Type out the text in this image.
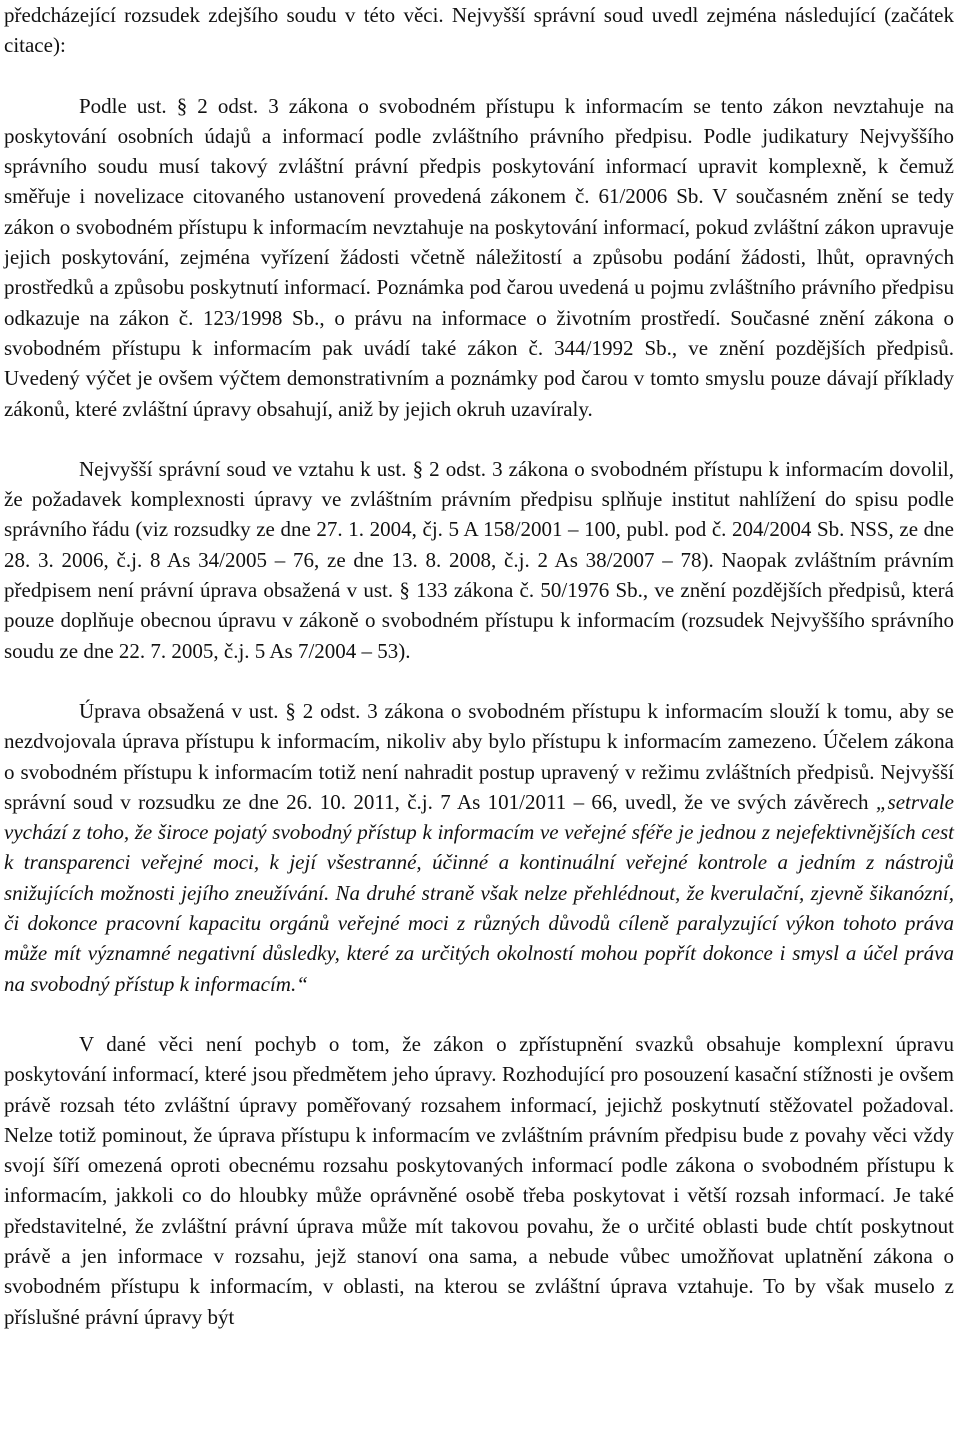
předcházející rozsudek zdejšího soudu v této věci. Nejvyšší správní soud uvedl zejména následující (začátek citace):

Podle ust. § 2 odst. 3 zákona o svobodném přístupu k informacím se tento zákon nevztahuje na poskytování osobních údajů a informací podle zvláštního právního předpisu. Podle judikatury Nejvyššího správního soudu musí takový zvláštní právní předpis poskytování informací upravit komplexně, k čemuž směřuje i novelizace citovaného ustanovení provedená zákonem č. 61/2006 Sb. V současném znění se tedy zákon o svobodném přístupu k informacím nevztahuje na poskytování informací, pokud zvláštní zákon upravuje jejich poskytování, zejména vyřízení žádosti včetně náležitostí a způsobu podání žádosti, lhůt, opravných prostředků a způsobu poskytnutí informací. Poznámka pod čarou uvedená u pojmu zvláštního právního předpisu odkazuje na zákon č. 123/1998 Sb., o právu na informace o životním prostředí. Současné znění zákona o svobodném přístupu k informacím pak uvádí také zákon č. 344/1992 Sb., ve znění pozdějších předpisů. Uvedený výčet je ovšem výčtem demonstrativním a poznámky pod čarou v tomto smyslu pouze dávají příklady zákonů, které zvláštní úpravy obsahují, aniž by jejich okruh uzavíraly.

Nejvyšší správní soud ve vztahu k ust. § 2 odst. 3 zákona o svobodném přístupu k informacím dovolil, že požadavek komplexnosti úpravy ve zvláštním právním předpisu splňuje institut nahlížení do spisu podle správního řádu (viz rozsudky ze dne 27. 1. 2004, čj. 5 A 158/2001 – 100, publ. pod č. 204/2004 Sb. NSS, ze dne 28. 3. 2006, č.j. 8 As 34/2005 – 76, ze dne 13. 8. 2008, č.j. 2 As 38/2007 – 78). Naopak zvláštním právním předpisem není právní úprava obsažená v ust. § 133 zákona č. 50/1976 Sb., ve znění pozdějších předpisů, která pouze doplňuje obecnou úpravu v zákoně o svobodném přístupu k informacím (rozsudek Nejvyššího správního soudu ze dne 22. 7. 2005, č.j. 5 As 7/2004 – 53).

Úprava obsažená v ust. § 2 odst. 3 zákona o svobodném přístupu k informacím slouží k tomu, aby se nezdvojovala úprava přístupu k informacím, nikoliv aby bylo přístupu k informacím zamezeno. Účelem zákona o svobodném přístupu k informacím totiž není nahradit postup upravený v režimu zvláštních předpisů. Nejvyšší správní soud v rozsudku ze dne 26. 10. 2011, č.j. 7 As 101/2011 – 66, uvedl, že ve svých závěrech „setrvale vychází z toho, že široce pojatý svobodný přístup k informacím ve veřejné sféře je jednou z nejefektivnějších cest k transparenci veřejné moci, k její všestranné, účinné a kontinuální veřejné kontrole a jedním z nástrojů snižujících možnosti jejího zneužívání. Na druhé straně však nelze přehlédnout, že kverulační, zjevně šikanózní, či dokonce pracovní kapacitu orgánů veřejné moci z různých důvodů cíleně paralyzující výkon tohoto práva může mít významné negativní důsledky, které za určitých okolností mohou popřít dokonce i smysl a účel práva na svobodný přístup k informacím.“

V dané věci není pochyb o tom, že zákon o zpřístupnění svazků obsahuje komplexní úpravu poskytování informací, které jsou předmětem jeho úpravy. Rozhodující pro posouzení kasační stížnosti je ovšem právě rozsah této zvláštní úpravy poměřovaný rozsahem informací, jejichž poskytnutí stěžovatel požadoval. Nelze totiž pominout, že úprava přístupu k informacím ve zvláštním právním předpisu bude z povahy věci vždy svojí šíří omezená oproti obecnému rozsahu poskytovaných informací podle zákona o svobodném přístupu k informacím, jakkoli co do hloubky může oprávněné osobě třeba poskytovat i větší rozsah informací. Je také představitelné, že zvláštní právní úprava může mít takovou povahu, že o určité oblasti bude chtít poskytnout právě a jen informace v rozsahu, jejž stanoví ona sama, a nebude vůbec umožňovat uplatnění zákona o svobodném přístupu k informacím, v oblasti, na kterou se zvláštní úprava vztahuje. To by však muselo z příslušné právní úpravy být
